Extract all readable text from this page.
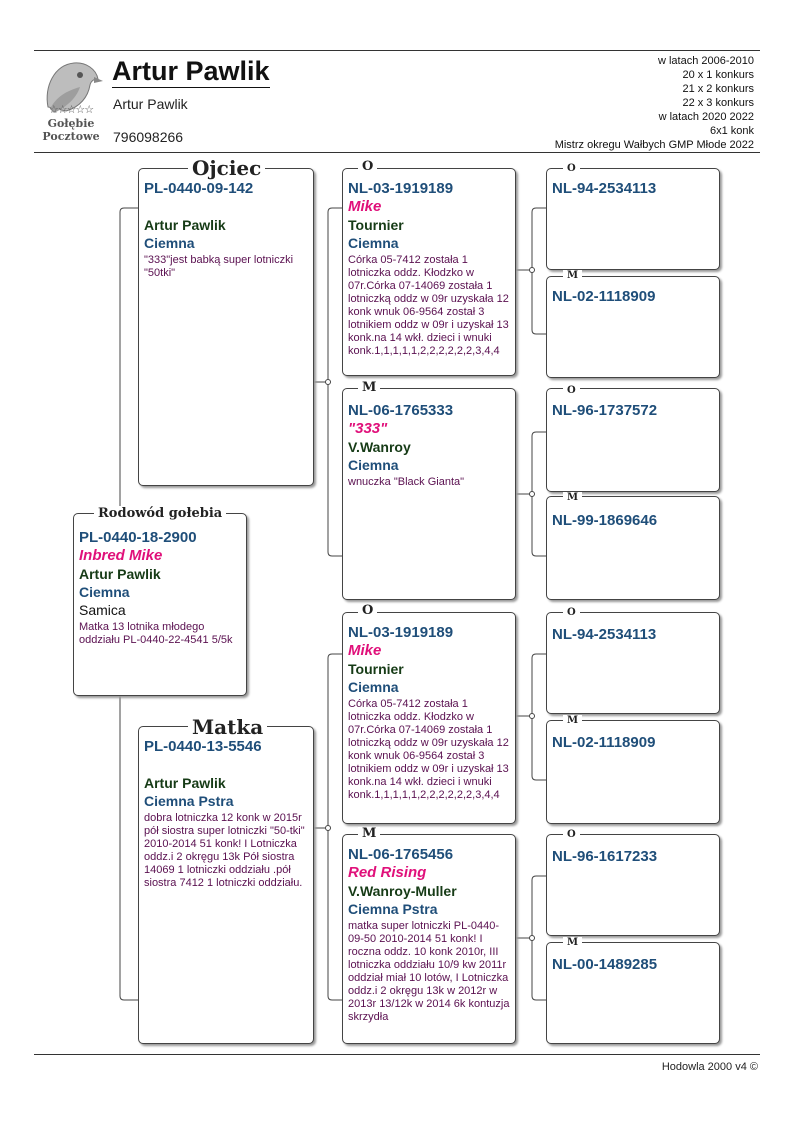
☆☆☆☆☆
Gołębie
Pocztowe
Artur Pawlik
Artur Pawlik
796098266
w latach 2006-2010
20 x 1 konkurs
21 x 2 konkurs
22 x 3 konkurs
w latach 2020 2022
6x1 konk
Mistrz okregu Wałbych GMP Młode 2022
PL-0440-18-2900
Inbred Mike
Artur Pawlik
Ciemna
Samica
Matka 13 lotnika młodego oddziału PL-0440-22-4541 5/5k
Rodowód gołebia
PL-0440-09-142
Artur Pawlik
Ciemna
"333"jest babką super lotniczki "50tki"
Ojciec
PL-0440-13-5546
Artur Pawlik
Ciemna Pstra
dobra lotniczka 12 konk w 2015r pół siostra super lotniczki "50-tki" 2010-2014 51 konk! I Lotniczka oddz.i 2 okręgu 13k Pół siostra 14069 1 lotniczki oddziału .pół siostra 7412 1 lotniczki oddziału.
Matka
NL-03-1919189
Mike
Tournier
Ciemna
Córka 05-7412 została 1 lotniczka oddz. Kłodzko w 07r.Córka 07-14069 została 1 lotniczką oddz w 09r uzyskała 12 konk wnuk 06-9564 został 3 lotnikiem oddz w 09r i uzyskał 13 konk.na 14 wkł. dzieci i wnuki konk.1,1,1,1,1,2,2,2,2,2,2,3,4,4
O
NL-06-1765333
"333"
V.Wanroy
Ciemna
wnuczka "Black Gianta"
M
NL-03-1919189
Mike
Tournier
Ciemna
Córka 05-7412 została 1 lotniczka oddz. Kłodzko w 07r.Córka 07-14069 została 1 lotniczką oddz w 09r uzyskała 12 konk wnuk 06-9564 został 3 lotnikiem oddz w 09r i uzyskał 13 konk.na 14 wkł. dzieci i wnuki konk.1,1,1,1,1,2,2,2,2,2,2,3,4,4
O
NL-06-1765456
Red Rising
V.Wanroy-Muller
Ciemna Pstra
matka super lotniczki PL-0440-09-50 2010-2014 51 konk! I roczna oddz. 10 konk 2010r, III lotniczka oddziału 10/9 kw 2011r oddział miał 10 lotów, I Lotniczka oddz.i 2 okręgu 13k w 2012r w 2013r 13/12k w 2014 6k kontuzja skrzydła
M
NL-94-2534113
O
NL-02-1118909
M
NL-96-1737572
O
NL-99-1869646
M
NL-94-2534113
O
NL-02-1118909
M
NL-96-1617233
O
NL-00-1489285
M
Hodowla 2000 v4 ©
